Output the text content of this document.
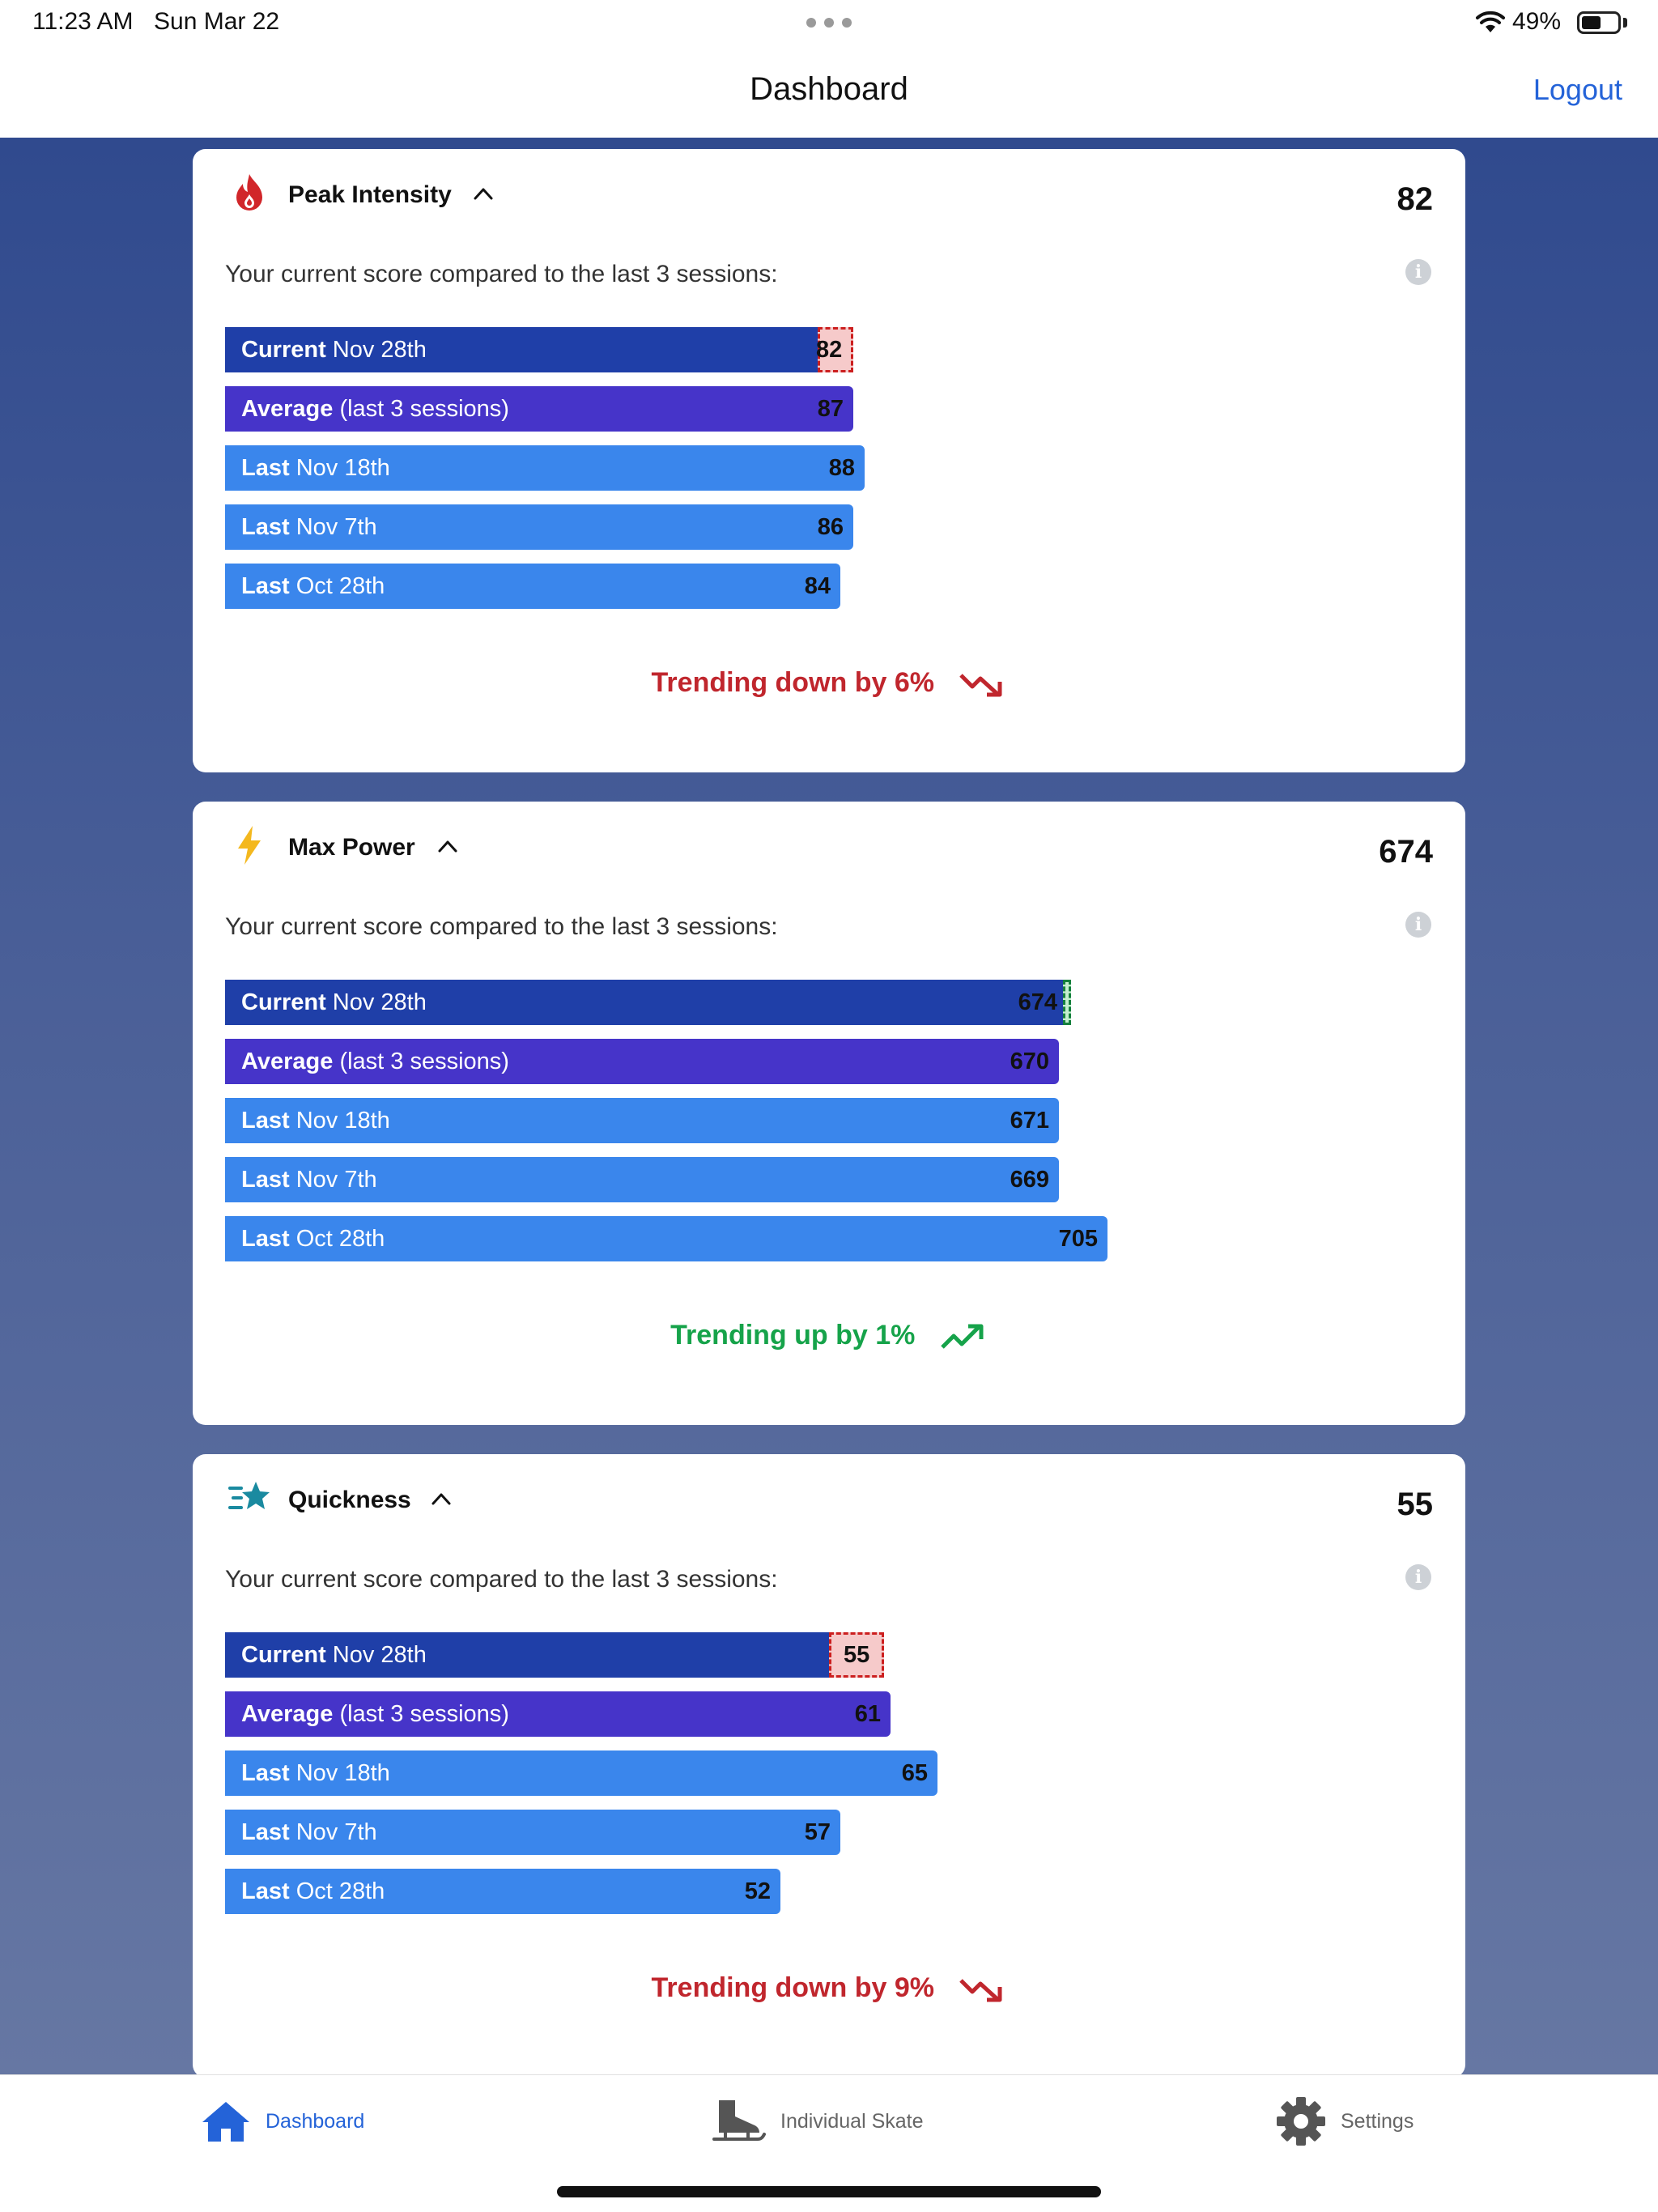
11:23 AM Sun Mar 22	49%
Dashboard	Logout
Peak Intensity	82
Your current score compared to the last 3 sessions:	i
Current Nov 28th	82
Average (last 3 sessions)	87
Last Nov 18th	88
Last Nov 7th	86
Last Oct 28th	84
Trending down by 6%
Max Power	674
Your current score compared to the last 3 sessions:	i
Current Nov 28th	674
Average (last 3 sessions)	670
Last Nov 18th	671
Last Nov 7th	669
Last Oct 28th	705
Trending up by 1%
Quickness	55
Your current score compared to the last 3 sessions:	i
Current Nov 28th	55
Average (last 3 sessions)	61
Last Nov 18th	65
Last Nov 7th	57
Last Oct 28th	52
Trending down by 9%
Dashboard	Individual Skate	Settings
